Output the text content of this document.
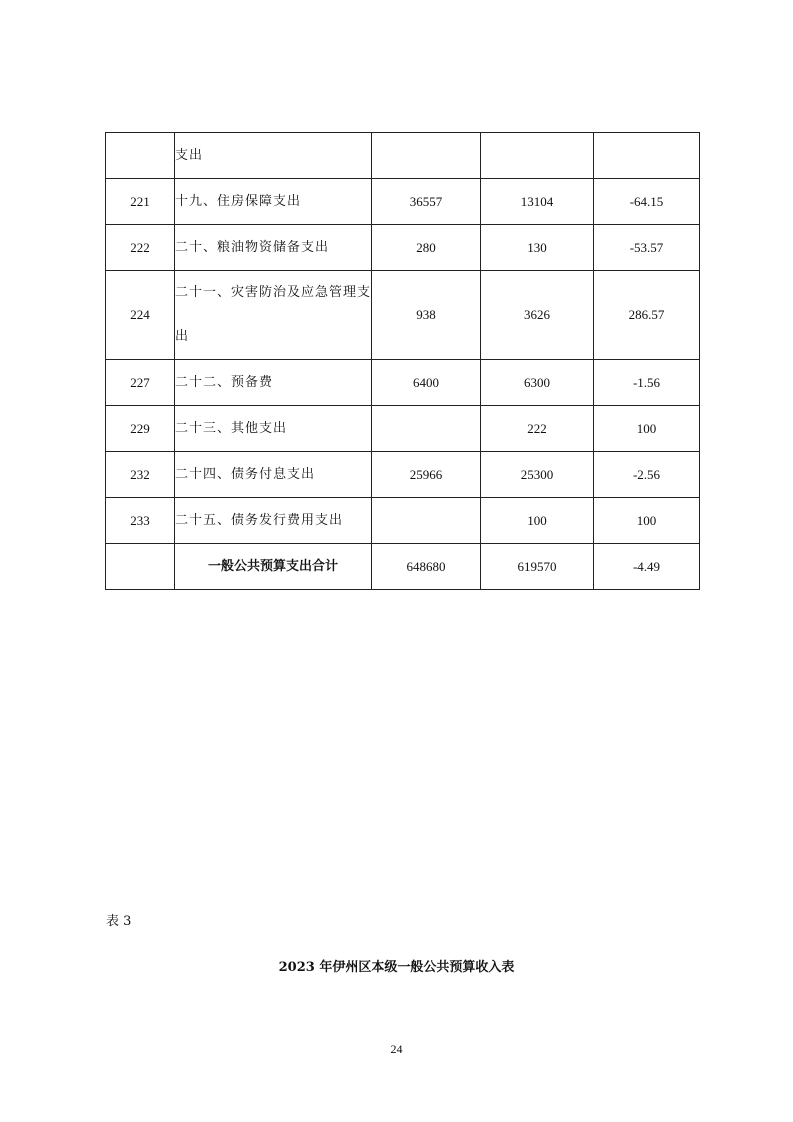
	支出			
221	十九、住房保障支出	36557	13104	-64.15
222	二十、粮油物资储备支出	280	130	-53.57
224	二十一、灾害防治及应急管理支出	938	3626	286.57
227	二十二、预备费	6400	6300	-1.56
229	二十三、其他支出		222	100
232	二十四、债务付息支出	25966	25300	-2.56
233	二十五、债务发行费用支出		100	100
	一般公共预算支出合计	648680	619570	-4.49
表 3
2023 年伊州区本级一般公共预算收入表
24
